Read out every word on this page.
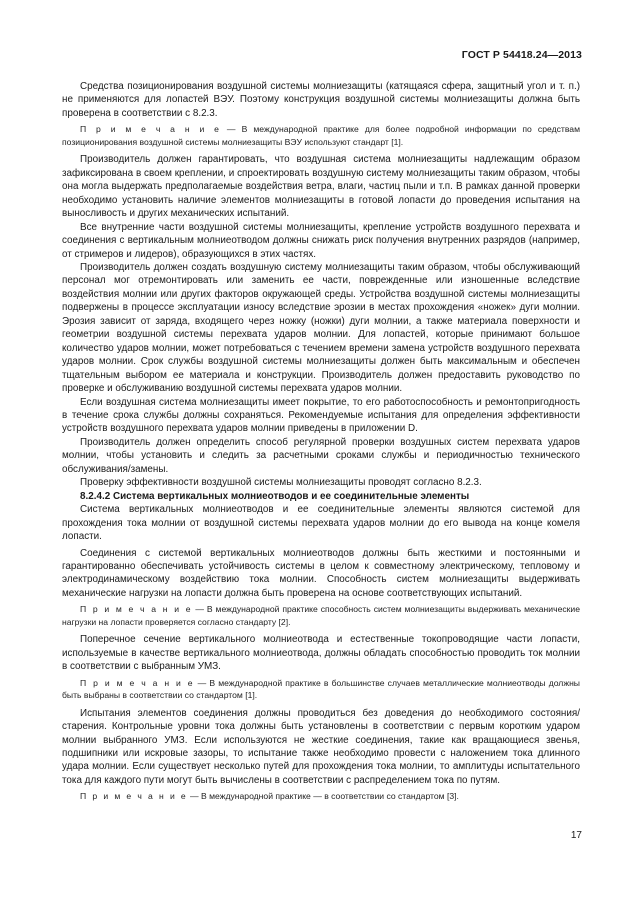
ГОСТ Р 54418.24—2013

Средства позиционирования воздушной системы молниезащиты (катящаяся сфера, защитный угол и т. п.) не применяются для лопастей ВЭУ. Поэтому конструкция воздушной системы молниезащиты должна быть проверена в соответствии с 8.2.3.

П р и м е ч а н и е — В международной практике для более подробной информации по средствам позиционирования воздушной системы молниезащиты ВЭУ используют стандарт [1].

Производитель должен гарантировать, что воздушная система молниезащиты надлежащим образом зафиксирована в своем креплении, и спроектировать воздушную систему молниезащиты таким образом, чтобы она могла выдержать предполагаемые воздействия ветра, влаги, частиц пыли и т.п. В рамках данной проверки необходимо установить наличие элементов молниезащиты в готовой лопасти до проведения испытания на выносливость и других механических испытаний.

Все внутренние части воздушной системы молниезащиты, крепление устройств воздушного перехвата и соединения с вертикальным молниеотводом должны снижать риск получения внутренних разрядов (например, от стримеров и лидеров), образующихся в этих частях.

Производитель должен создать воздушную систему молниезащиты таким образом, чтобы обслуживающий персонал мог отремонтировать или заменить ее части, поврежденные или изношенные вследствие воздействия молнии или других факторов окружающей среды. Устройства воздушной системы молниезащиты подвержены в процессе эксплуатации износу вследствие эрозии в местах прохождения «ножек» дуги молнии. Эрозия зависит от заряда, входящего через ножку (ножки) дуги молнии, а также материала поверхности и геометрии воздушной системы перехвата ударов молнии. Для лопастей, которые принимают большое количество ударов молнии, может потребоваться с течением времени замена устройств воздушного перехвата ударов молнии. Срок службы воздушной системы молниезащиты должен быть максимальным и обеспечен тщательным выбором ее материала и конструкции. Производитель должен предоставить руководство по проверке и обслуживанию воздушной системы перехвата ударов молнии.

Если воздушная система молниезащиты имеет покрытие, то его работоспособность и ремонтопригодность в течение срока службы должны сохраняться. Рекомендуемые испытания для определения эффективности устройств воздушного перехвата ударов молнии приведены в приложении D.

Производитель должен определить способ регулярной проверки воздушных систем перехвата ударов молнии, чтобы установить и следить за расчетными сроками службы и периодичностью технического обслуживания/замены.

Проверку эффективности воздушной системы молниезащиты проводят согласно 8.2.3.

8.2.4.2 Система вертикальных молниеотводов и ее соединительные элементы

Система вертикальных молниеотводов и ее соединительные элементы являются системой для прохождения тока молнии от воздушной системы перехвата ударов молнии до его вывода на конце комеля лопасти.

Соединения с системой вертикальных молниеотводов должны быть жесткими и постоянными и гарантированно обеспечивать устойчивость системы в целом к совместному электрическому, тепловому и электродинамическому воздействию тока молнии. Способность систем молниезащиты выдерживать механические нагрузки на лопасти должна быть проверена на основе соответствующих испытаний.

П р и м е ч а н и е — В международной практике способность систем молниезащиты выдерживать механические нагрузки на лопасти проверяется согласно стандарту [2].

Поперечное сечение вертикального молниеотвода и естественные токопроводящие части лопасти, используемые в качестве вертикального молниеотвода, должны обладать способностью проводить ток молнии в соответствии с выбранным УМЗ.

П р и м е ч а н и е — В международной практике в большинстве случаев металлические молниеотводы должны быть выбраны в соответствии со стандартом [1].

Испытания элементов соединения должны проводиться без доведения до необходимого состояния/старения. Контрольные уровни тока должны быть установлены в соответствии с первым коротким ударом молнии выбранного УМЗ. Если используются не жесткие соединения, такие как вращающиеся звенья, подшипники или искровые зазоры, то испытание также необходимо провести с наложением тока длинного удара молнии. Если существует несколько путей для прохождения тока молнии, то амплитуды испытательного тока для каждого пути могут быть вычислены в соответствии с распределением тока по путям.

П р и м е ч а н и е — В международной практике — в соответствии со стандартом [3].

17
